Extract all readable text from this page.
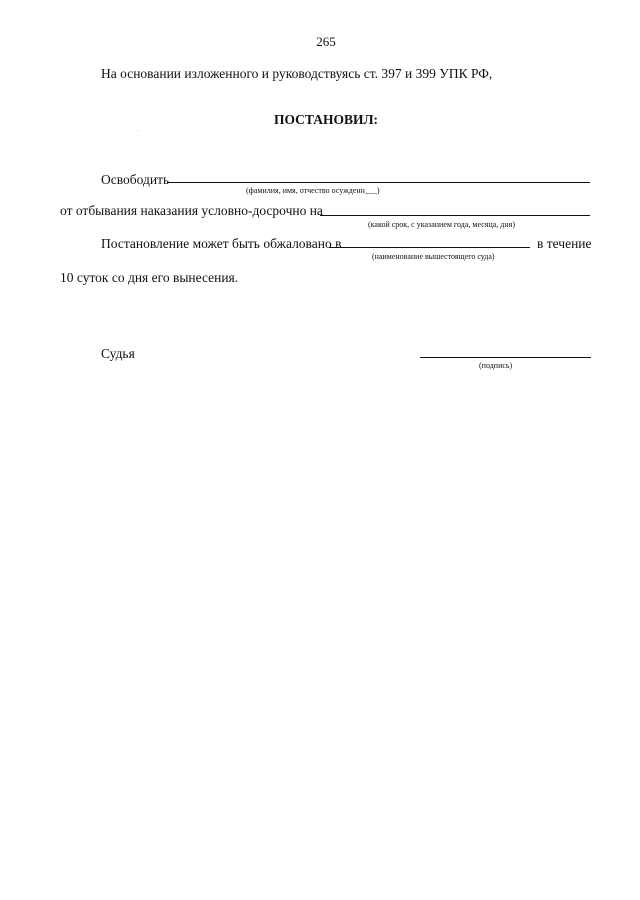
265
На основании изложенного и руководствуясь ст. 397 и 399 УПК РФ,
ПОСТАНОВИЛ:
·
Освободить
(фамилия, имя, отчество осужденн___)
от отбывания наказания условно-досрочно на
(какой срок, с указанием года, месяца, дня)
Постановление может быть обжаловано в	в течение
(наименование вышестоящего суда)
10 суток со дня его вынесения.
Судья
(подпись)
